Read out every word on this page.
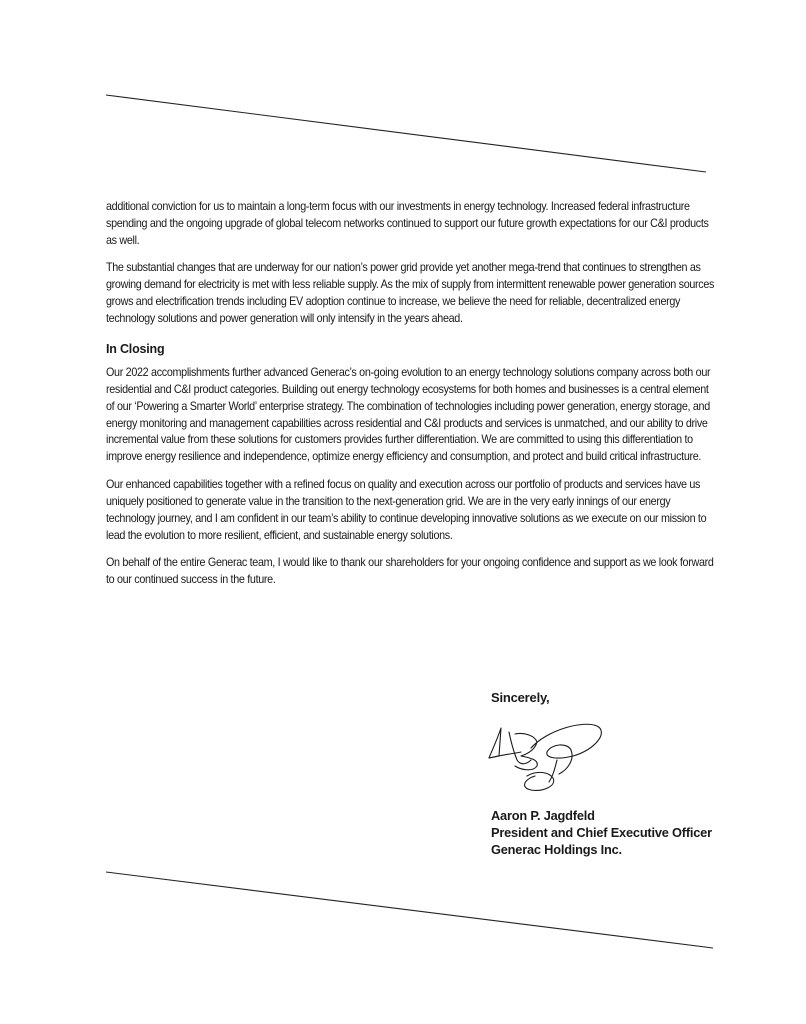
additional conviction for us to maintain a long-term focus with our investments in energy technology. Increased federal infrastructure spending and the ongoing upgrade of global telecom networks continued to support our future growth expectations for our C&I products as well.

The substantial changes that are underway for our nation’s power grid provide yet another mega-trend that continues to strengthen as growing demand for electricity is met with less reliable supply. As the mix of supply from intermittent renewable power generation sources grows and electrification trends including EV adoption continue to increase, we believe the need for reliable, decentralized energy technology solutions and power generation will only intensify in the years ahead.

In Closing

Our 2022 accomplishments further advanced Generac’s on-going evolution to an energy technology solutions company across both our residential and C&I product categories. Building out energy technology ecosystems for both homes and businesses is a central element of our ‘Powering a Smarter World’ enterprise strategy. The combination of technologies including power generation, energy storage, and energy monitoring and management capabilities across residential and C&I products and services is unmatched, and our ability to drive incremental value from these solutions for customers provides further differentiation. We are committed to using this differentiation to improve energy resilience and independence, optimize energy efficiency and consumption, and protect and build critical infrastructure.

Our enhanced capabilities together with a refined focus on quality and execution across our portfolio of products and services have us uniquely positioned to generate value in the transition to the next-generation grid. We are in the very early innings of our energy technology journey, and I am confident in our team’s ability to continue developing innovative solutions as we execute on our mission to lead the evolution to more resilient, efficient, and sustainable energy solutions.

On behalf of the entire Generac team, I would like to thank our shareholders for your ongoing confidence and support as we look forward to our continued success in the future.

Sincerely,

Aaron P. Jagdfeld
President and Chief Executive Officer
Generac Holdings Inc.
